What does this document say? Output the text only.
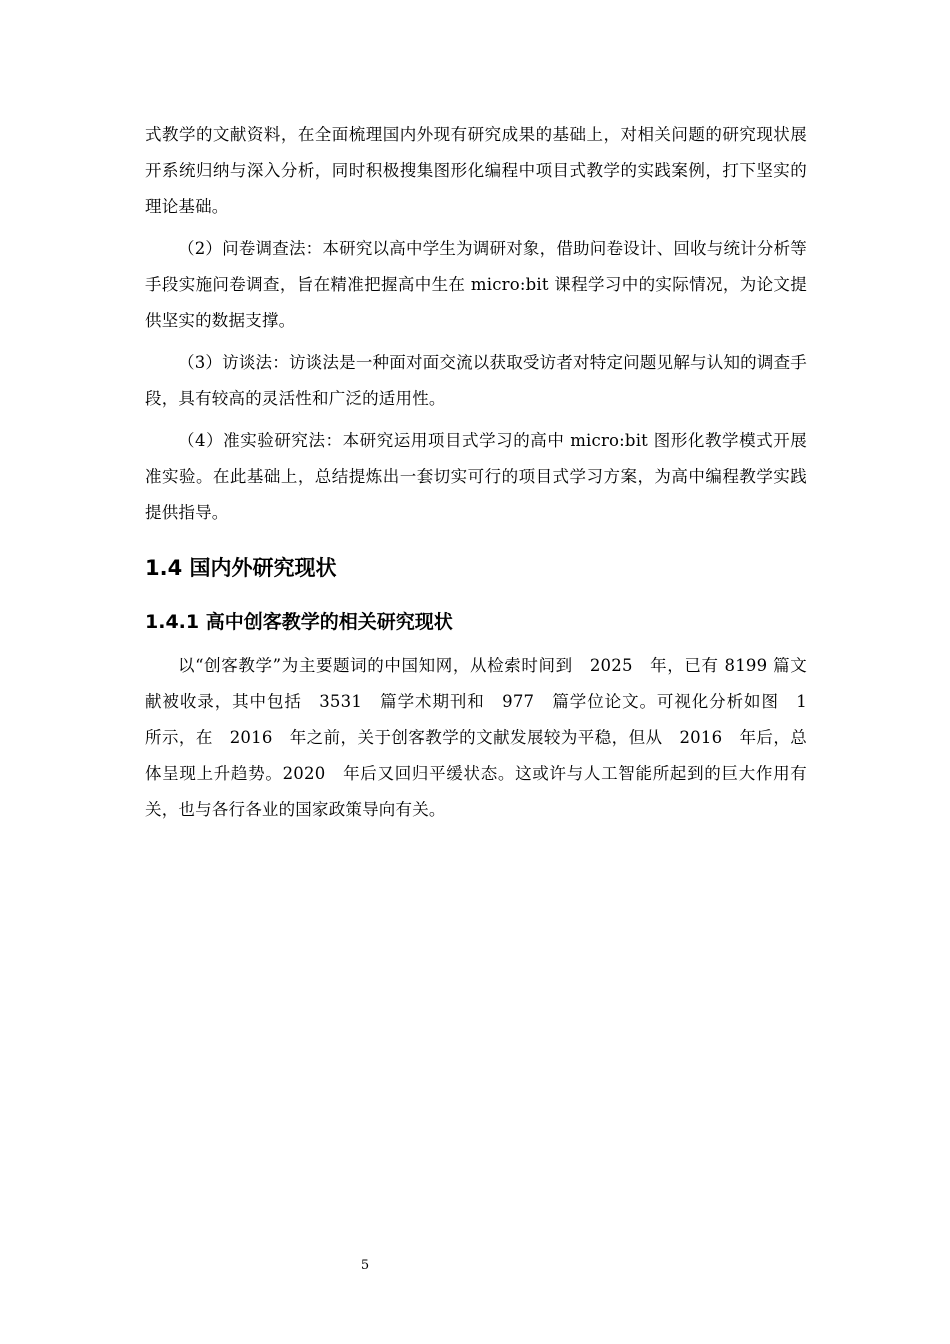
式教学的文献资料，在全面梳理国内外现有研究成果的基础上，对相关问题的研究现状展开系统归纳与深入分析，同时积极搜集图形化编程中项目式教学的实践案例，打下坚实的理论基础。

（2）问卷调查法：本研究以高中学生为调研对象，借助问卷设计、回收与统计分析等手段实施问卷调查，旨在精准把握高中生在 micro:bit 课程学习中的实际情况，为论文提供坚实的数据支撑。

（3）访谈法：访谈法是一种面对面交流以获取受访者对特定问题见解与认知的调查手段，具有较高的灵活性和广泛的适用性。

（4）准实验研究法：本研究运用项目式学习的高中 micro:bit 图形化教学模式开展准实验。在此基础上，总结提炼出一套切实可行的项目式学习方案，为高中编程教学实践提供指导。

1.4 国内外研究现状
1.4.1 高中创客教学的相关研究现状

以“创客教学”为主要题词的中国知网，从检索时间到　2025　年，已有 8199 篇文献被收录，其中包括　3531　篇学术期刊和　977　篇学位论文。可视化分析如图　1　所示，在　2016　年之前，关于创客教学的文献发展较为平稳，但从　2016　年后，总体呈现上升趋势。2020　年后又回归平缓状态。这或许与人工智能所起到的巨大作用有关，也与各行各业的国家政策导向有关。

5
